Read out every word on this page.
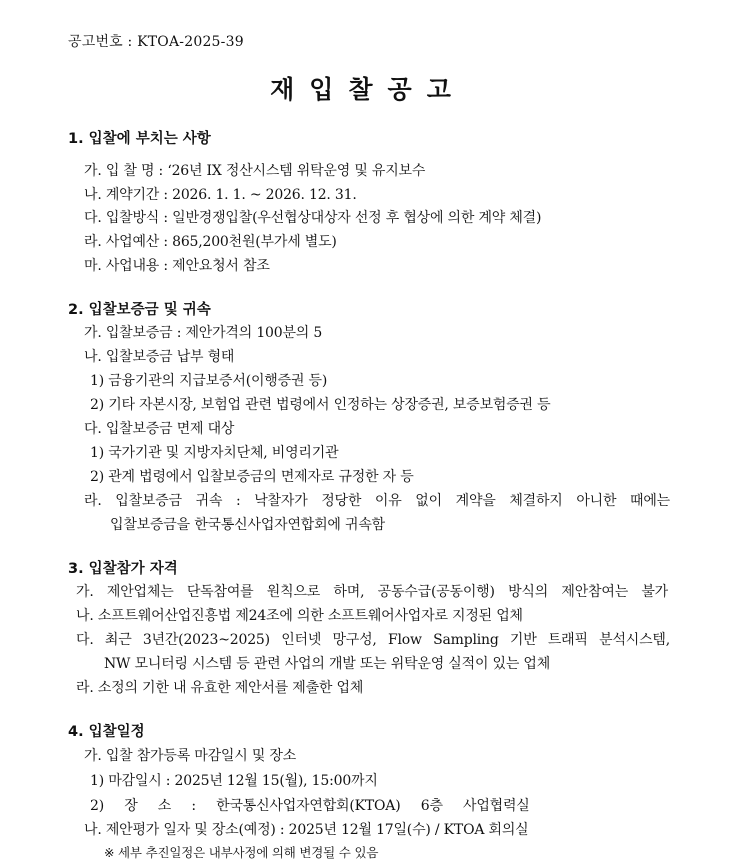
공고번호 : KTOA-2025-39
재입찰공고
1. 입찰에 부치는 사항
가. 입 찰 명 : ‘26년 IX 정산시스템 위탁운영 및 유지보수
나. 계약기간 : 2026. 1. 1. ~ 2026. 12. 31.
다. 입찰방식 : 일반경쟁입찰(우선협상대상자 선정 후 협상에 의한 계약 체결)
라. 사업예산 : 865,200천원(부가세 별도)
마. 사업내용 : 제안요청서 참조
2. 입찰보증금 및 귀속
가. 입찰보증금 : 제안가격의 100분의 5
나. 입찰보증금 납부 형태
1) 금융기관의 지급보증서(이행증권 등)
2) 기타 자본시장, 보험업 관련 법령에서 인정하는 상장증권, 보증보험증권 등
다. 입찰보증금 면제 대상
1) 국가기관 및 지방자치단체, 비영리기관
2) 관계 법령에서 입찰보증금의 면제자로 규정한 자 등
라. 입찰보증금 귀속 : 낙찰자가 정당한 이유 없이 계약을 체결하지 아니한 때에는
입찰보증금을 한국통신사업자연합회에 귀속함
3. 입찰참가 자격
가. 제안업체는 단독참여를 원칙으로 하며, 공동수급(공동이행) 방식의 제안참여는 불가
나. 소프트웨어산업진흥법 제24조에 의한 소프트웨어사업자로 지정된 업체
다. 최근 3년간(2023~2025) 인터넷 망구성, Flow Sampling 기반 트래픽 분석시스템,
NW 모니터링 시스템 등 관련 사업의 개발 또는 위탁운영 실적이 있는 업체
라. 소정의 기한 내 유효한 제안서를 제출한 업체
4. 입찰일정
가. 입찰 참가등록 마감일시 및 장소
1) 마감일시 : 2025년 12월 15(월), 15:00까지
2) 장 소 : 한국통신사업자연합회(KTOA) 6층 사업협력실
나. 제안평가 일자 및 장소(예정) : 2025년 12월 17일(수) / KTOA 회의실
※ 세부 추진일정은 내부사정에 의해 변경될 수 있음
